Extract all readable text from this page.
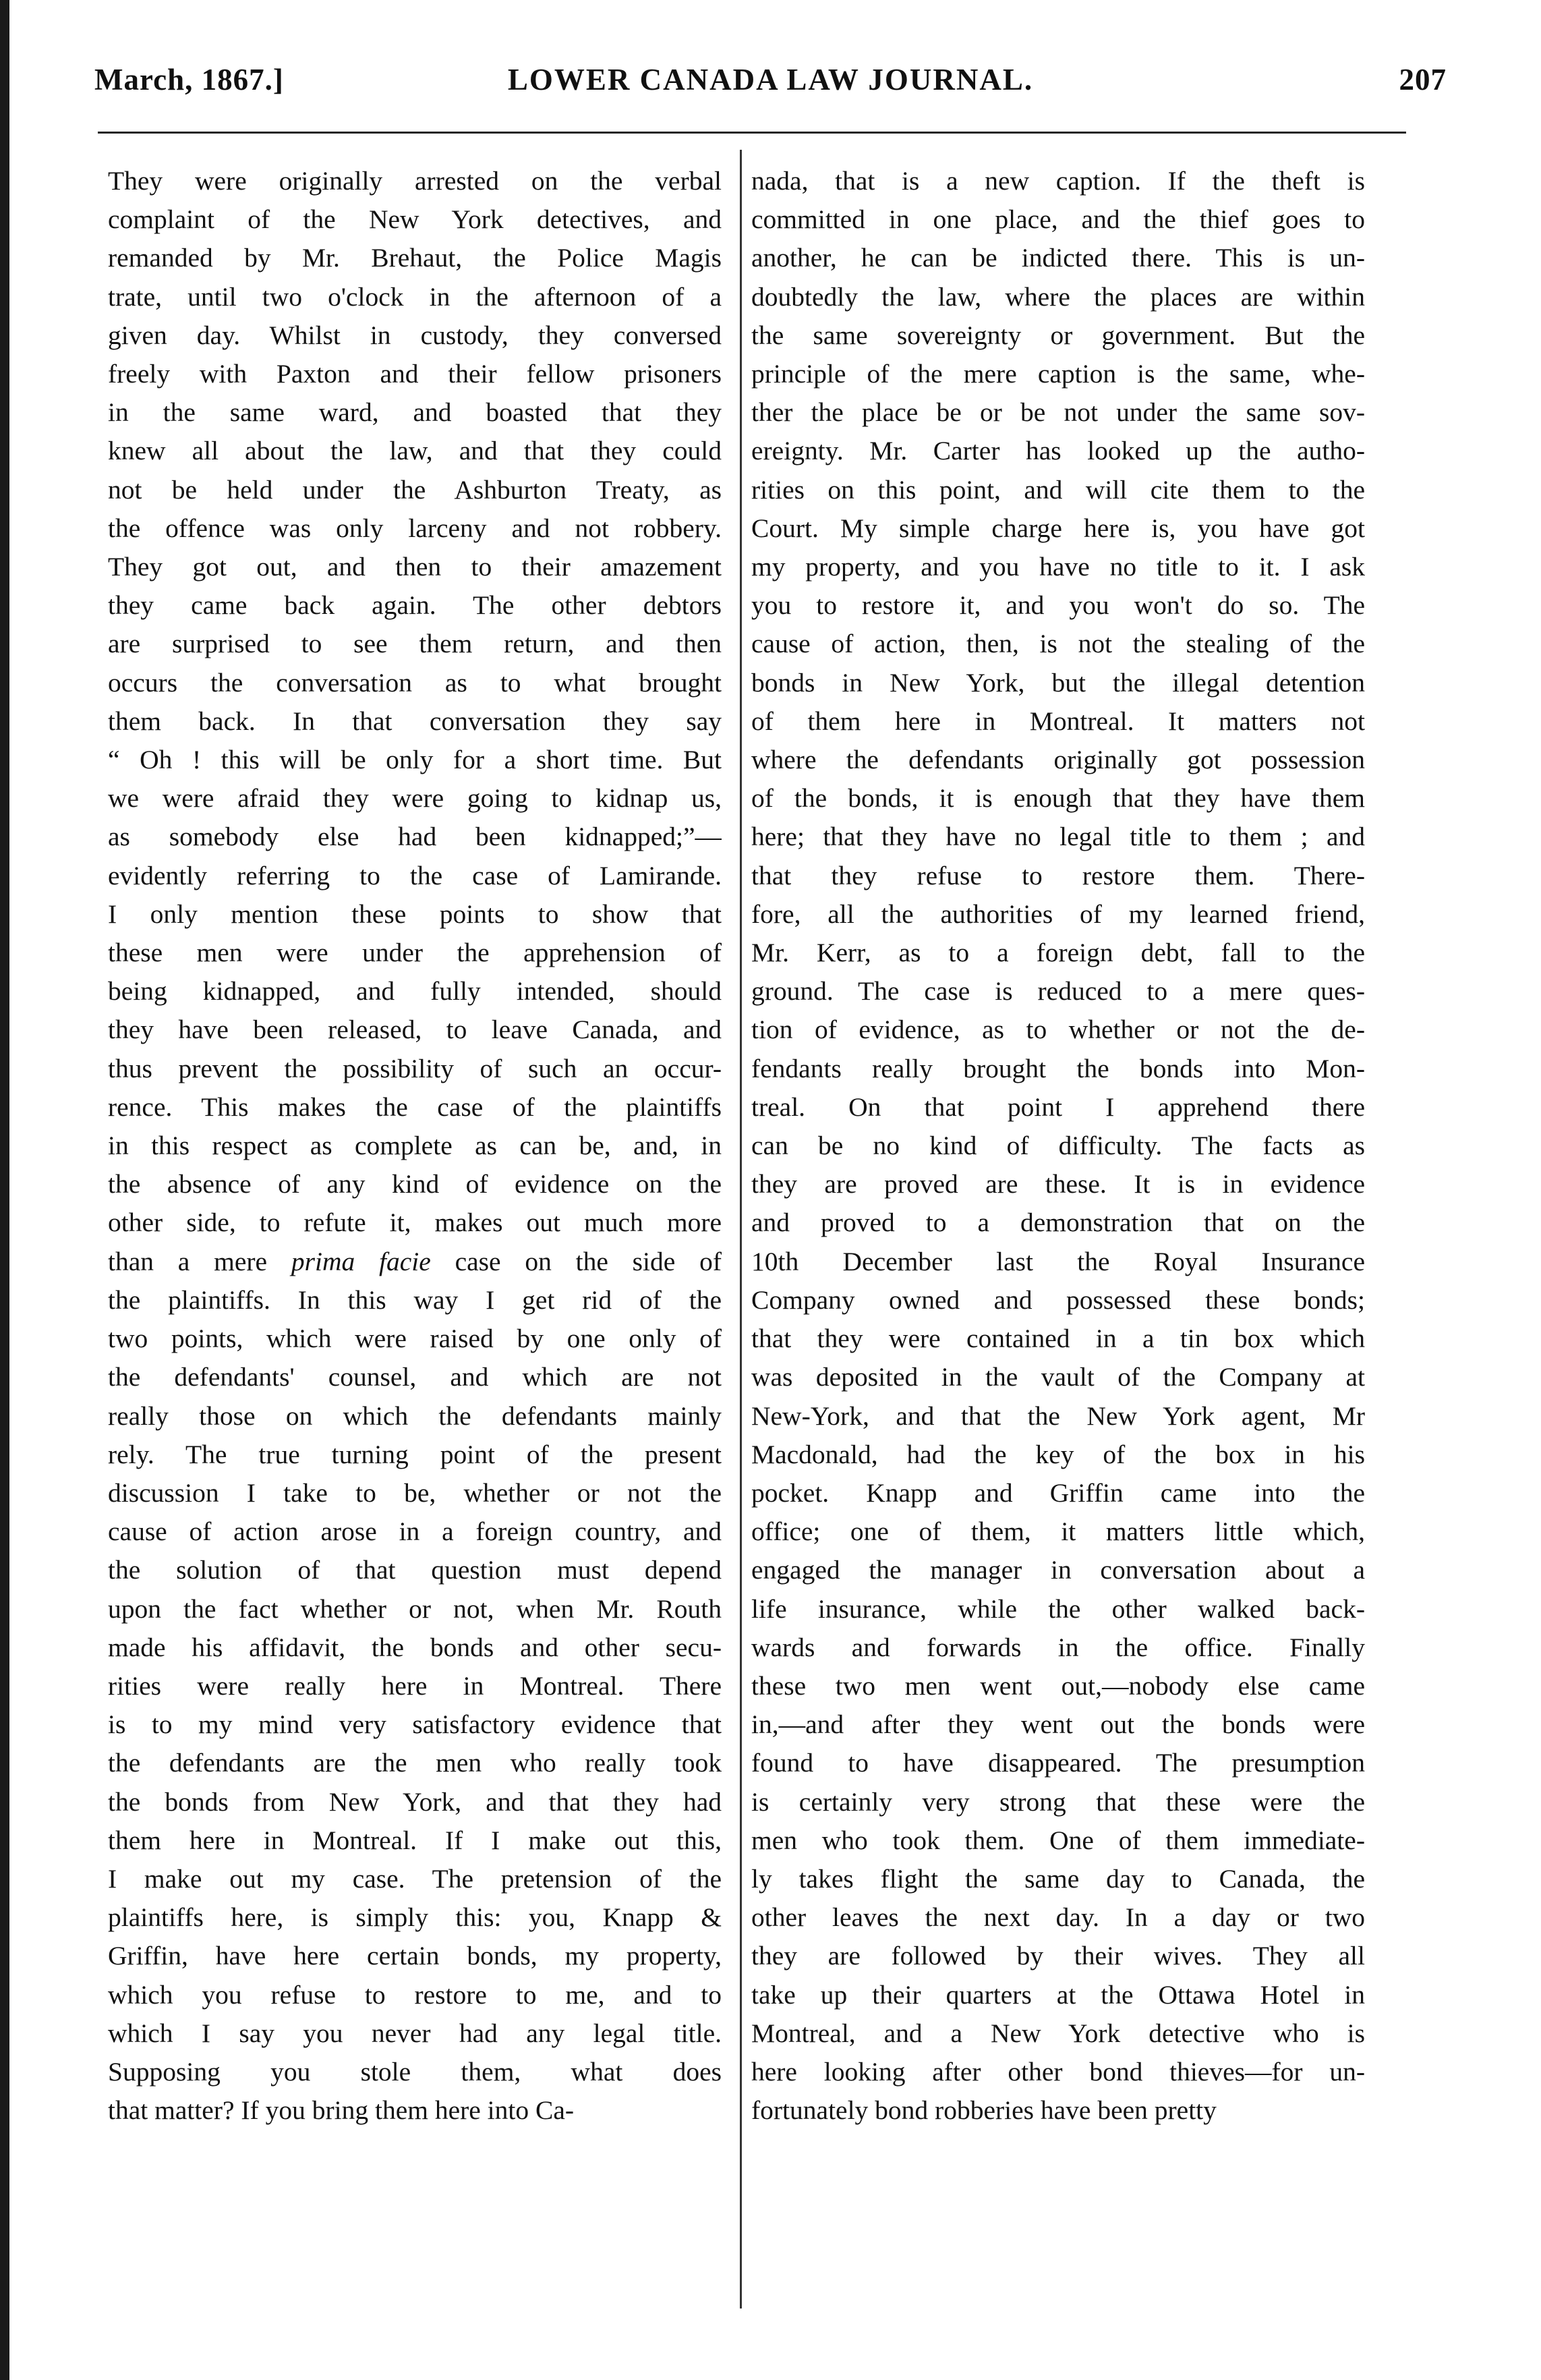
March, 1867.]	LOWER CANADA LAW JOURNAL.	207
They were originally arrested on the verbal
complaint of the New York detectives, and
remanded by Mr. Brehaut, the Police Magis
trate, until two o'clock in the afternoon of a
given day. Whilst in custody, they conversed
freely with Paxton and their fellow prisoners
in the same ward, and boasted that they
knew all about the law, and that they could
not be held under the Ashburton Treaty, as
the offence was only larceny and not robbery.
They got out, and then to their amazement
they came back again. The other debtors
are surprised to see them return, and then
occurs the conversation as to what brought
them back. In that conversation they say
“ Oh ! this will be only for a short time. But
we were afraid they were going to kidnap us,
as somebody else had been kidnapped;”—
evidently referring to the case of Lamirande.
I only mention these points to show that
these men were under the apprehension of
being kidnapped, and fully intended, should
they have been released, to leave Canada, and
thus prevent the possibility of such an occur-
rence. This makes the case of the plaintiffs
in this respect as complete as can be, and, in
the absence of any kind of evidence on the
other side, to refute it, makes out much more
than a mere prima facie case on the side of
the plaintiffs. In this way I get rid of the
two points, which were raised by one only of
the defendants' counsel, and which are not
really those on which the defendants mainly
rely. The true turning point of the present
discussion I take to be, whether or not the
cause of action arose in a foreign country, and
the solution of that question must depend
upon the fact whether or not, when Mr. Routh
made his affidavit, the bonds and other secu-
rities were really here in Montreal. There
is to my mind very satisfactory evidence that
the defendants are the men who really took
the bonds from New York, and that they had
them here in Montreal. If I make out this,
I make out my case. The pretension of the
plaintiffs here, is simply this: you, Knapp &
Griffin, have here certain bonds, my property,
which you refuse to restore to me, and to
which I say you never had any legal title.
Supposing you stole them, what does
that matter? If you bring them here into Ca-
nada, that is a new caption. If the theft is
committed in one place, and the thief goes to
another, he can be indicted there. This is un-
doubtedly the law, where the places are within
the same sovereignty or government. But the
principle of the mere caption is the same, whe-
ther the place be or be not under the same sov-
ereignty. Mr. Carter has looked up the autho-
rities on this point, and will cite them to the
Court. My simple charge here is, you have got
my property, and you have no title to it. I ask
you to restore it, and you won't do so. The
cause of action, then, is not the stealing of the
bonds in New York, but the illegal detention
of them here in Montreal. It matters not
where the defendants originally got possession
of the bonds, it is enough that they have them
here; that they have no legal title to them ; and
that they refuse to restore them. There-
fore, all the authorities of my learned friend,
Mr. Kerr, as to a foreign debt, fall to the
ground. The case is reduced to a mere ques-
tion of evidence, as to whether or not the de-
fendants really brought the bonds into Mon-
treal. On that point I apprehend there
can be no kind of difficulty. The facts as
they are proved are these. It is in evidence
and proved to a demonstration that on the
10th December last the Royal Insurance
Company owned and possessed these bonds;
that they were contained in a tin box which
was deposited in the vault of the Company at
New-York, and that the New York agent, Mr
Macdonald, had the key of the box in his
pocket. Knapp and Griffin came into the
office; one of them, it matters little which,
engaged the manager in conversation about a
life insurance, while the other walked back-
wards and forwards in the office. Finally
these two men went out,—nobody else came
in,—and after they went out the bonds were
found to have disappeared. The presumption
is certainly very strong that these were the
men who took them. One of them immediate-
ly takes flight the same day to Canada, the
other leaves the next day. In a day or two
they are followed by their wives. They all
take up their quarters at the Ottawa Hotel in
Montreal, and a New York detective who is
here looking after other bond thieves—for un-
fortunately bond robberies have been pretty
